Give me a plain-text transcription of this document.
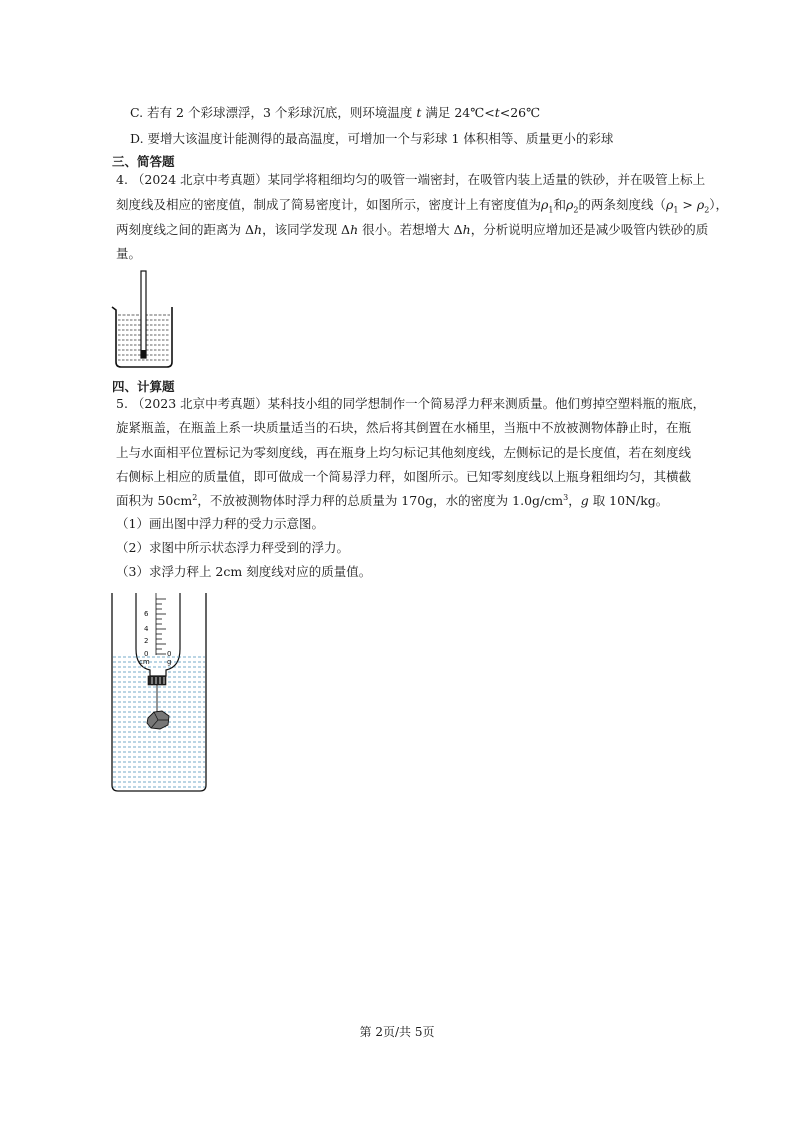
C. 若有 2 个彩球漂浮，3 个彩球沉底，则环境温度 t 满足 24℃<t<26℃
D. 要增大该温度计能测得的最高温度，可增加一个与彩球 1 体积相等、质量更小的彩球
三、简答题
4. （2024 北京中考真题）某同学将粗细均匀的吸管一端密封，在吸管内装上适量的铁砂，并在吸管上标上
刻度线及相应的密度值，制成了简易密度计，如图所示，密度计上有密度值为$\rho_1$和$\rho_2$的两条刻度线$(\rho_1 > \rho_2)$，
两刻度线之间的距离为 Δh，该同学发现 Δh 很小。若想增大 Δh，分析说明应增加还是减少吸管内铁砂的质
量。
四、计算题
5. （2023 北京中考真题）某科技小组的同学想制作一个简易浮力秤来测质量。他们剪掉空塑料瓶的瓶底，
旋紧瓶盖，在瓶盖上系一块质量适当的石块，然后将其倒置在水桶里，当瓶中不放被测物体静止时，在瓶
上与水面相平位置标记为零刻度线，再在瓶身上均匀标记其他刻度线，左侧标记的是长度值，若在刻度线
右侧标上相应的质量值，即可做成一个简易浮力秤，如图所示。已知零刻度线以上瓶身粗细均匀，其横截
面积为 $50cm^2$，不放被测物体时浮力秤的总质量为 170g，水的密度为 $1.0g/cm^3$，g 取 10N/kg。
（1）画出图中浮力秤的受力示意图。
（2）求图中所示状态浮力秤受到的浮力。
（3）求浮力秤上 2cm 刻度线对应的质量值。
6
4
2
0
cm
0
g
第 2页/共 5页
